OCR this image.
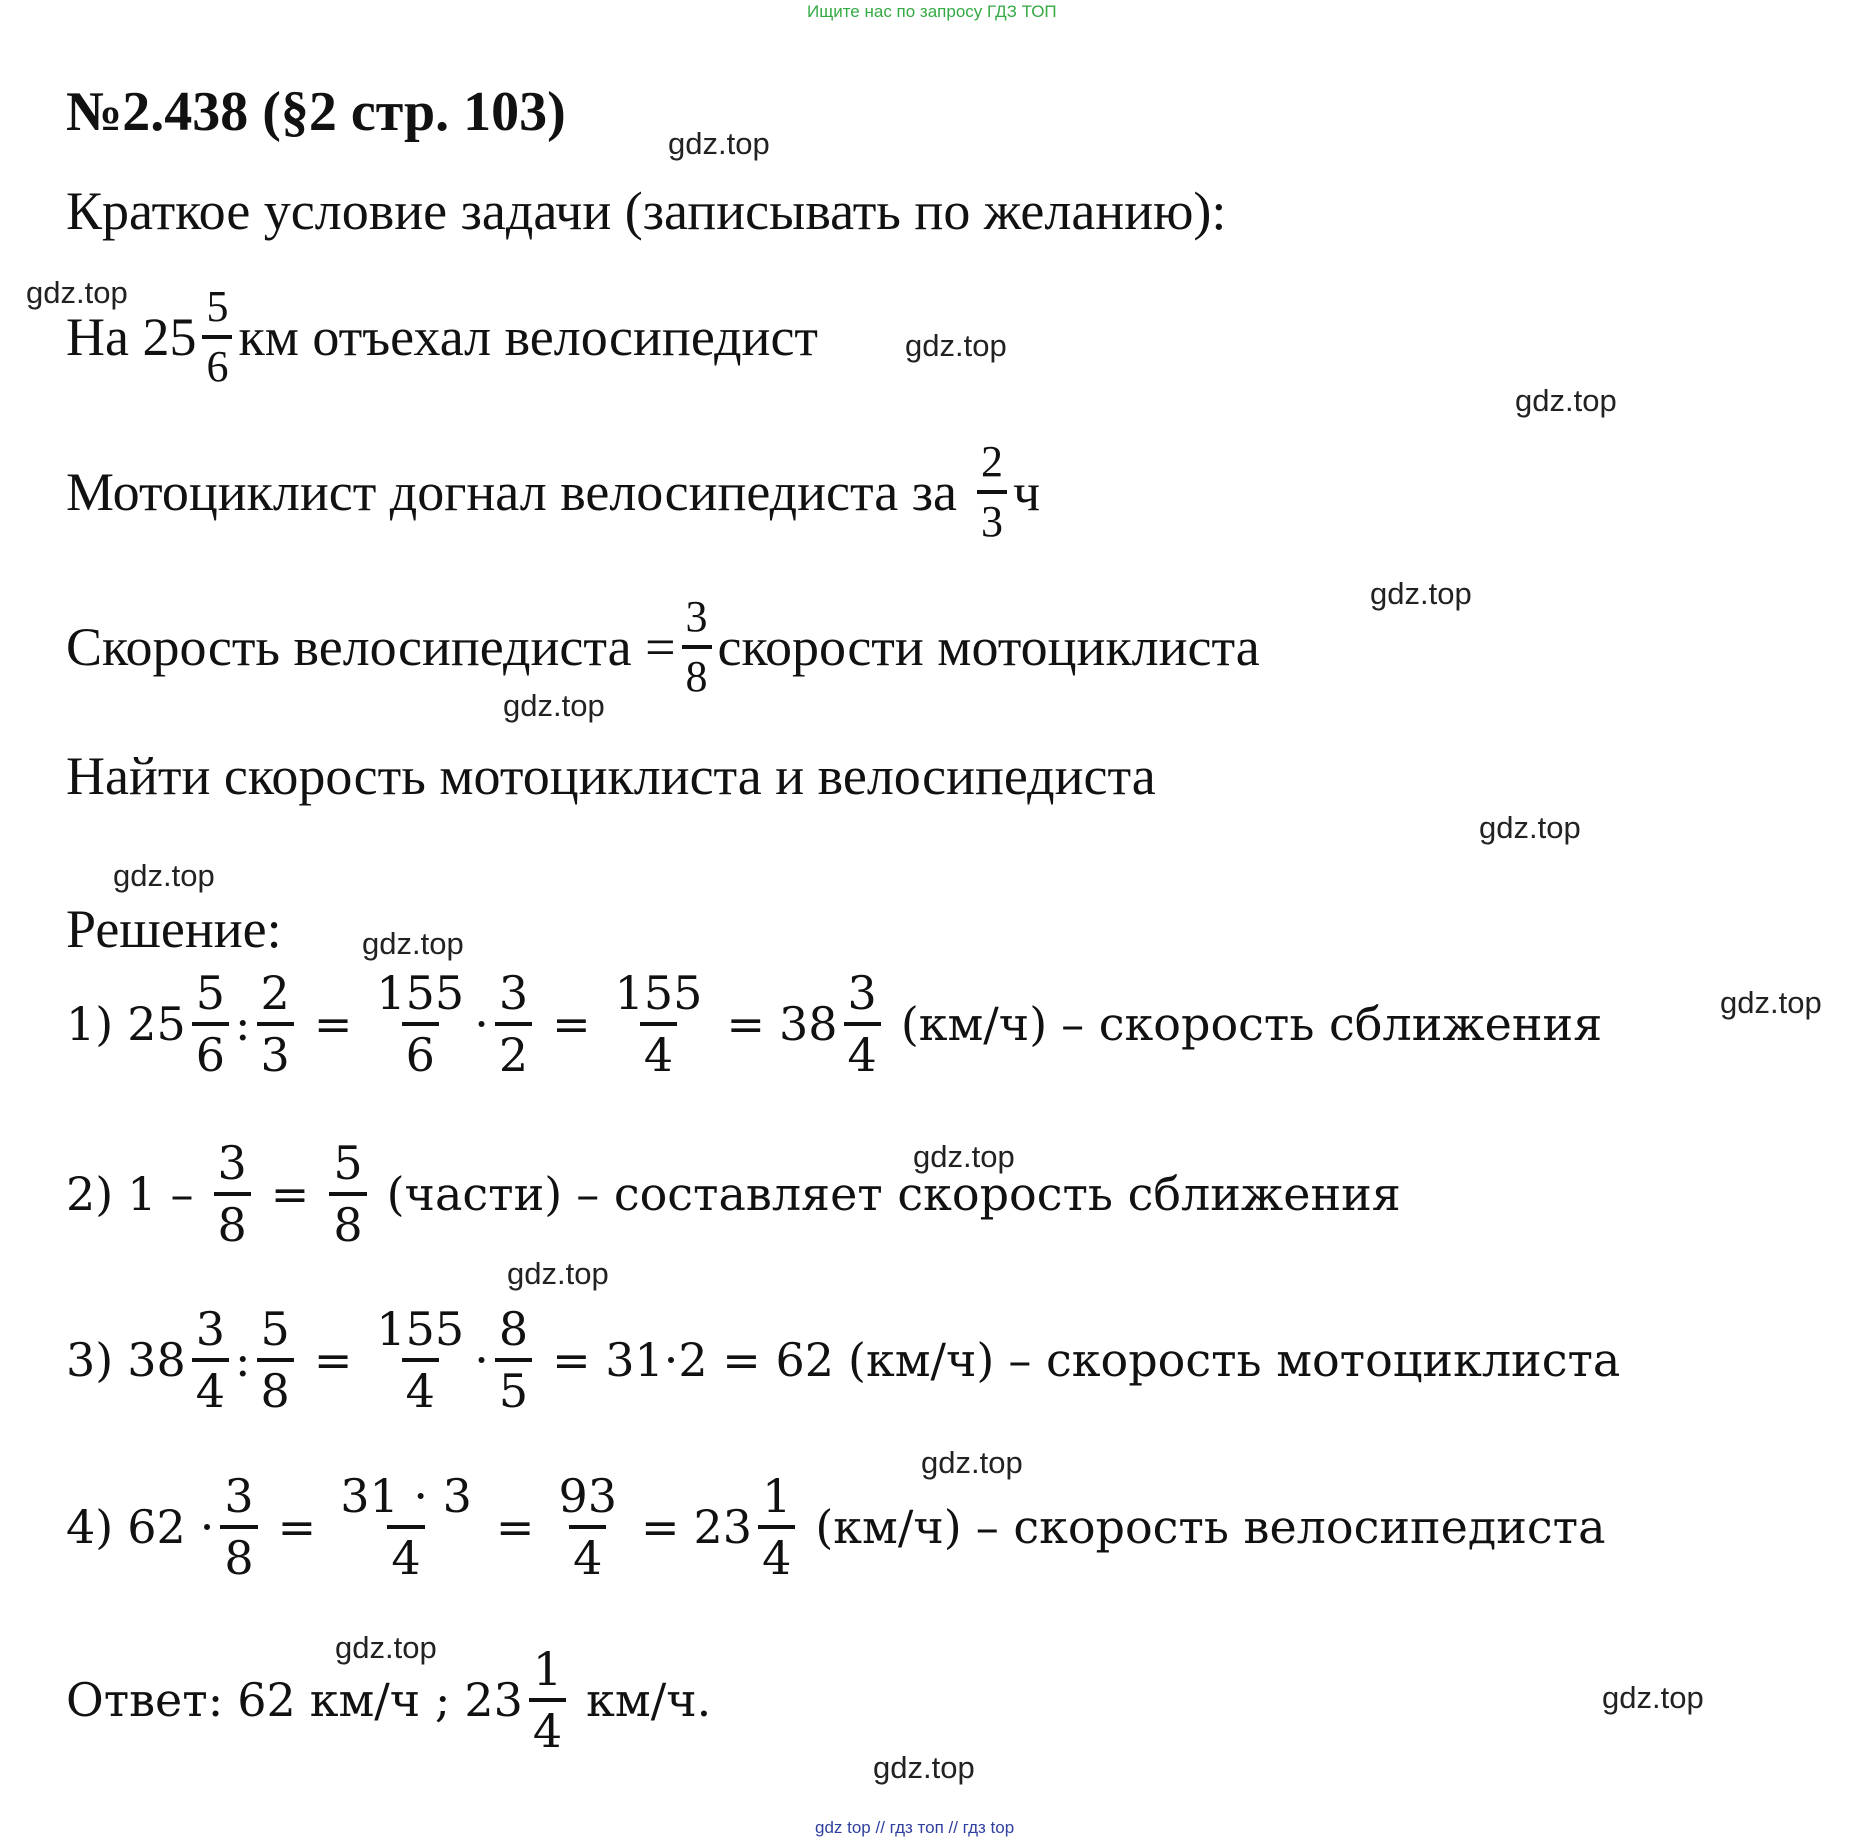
Ищите нас по запросу ГДЗ ТОП
№2.438 (§2 стр. 103)
Краткое условие задачи (записывать по желанию):
На $25 \frac{5}{6}$ км отъехал велосипедист
Мотоциклист догнал велосипедиста за $\frac{2}{3}$ ч
Скорость велосипедиста = $\frac{3}{8}$ скорости мотоциклиста
Найти скорость мотоциклиста и велосипедиста
Решение:
1) $25 \frac{5}{6}$ : $\frac{2}{3} = \frac{155}{6} \cdot \frac{3}{2} = \frac{155}{4} = 38 \frac{3}{4} (км/ч)$ – скорость сближения
2) $1 - \frac{3}{8} = \frac{5}{8}$ (части) – составляет скорость сближения
3) $38 \frac{3}{4}$ : $\frac{5}{8} = \frac{155}{4} \cdot \frac{8}{5} = 31\cdot 2 = 62$ (км/ч) – скорость мотоциклиста
4) $62 \cdot \frac{3}{8} = \frac{31 \cdot 3}{4} = \frac{93}{4} = 23 \frac{1}{4} (км/ч)$ – скорость велосипедиста
Ответ: 62 км/ч ; $23 \frac{1}{4} км/ч$.
gdz.top
gdz.top
gdz.top
gdz.top
gdz.top
gdz.top
gdz.top
gdz.top
gdz.top
gdz.top
gdz.top
gdz.top
gdz.top
gdz.top
gdz.top
gdz.top
gdz top // гдз топ // гдз top
